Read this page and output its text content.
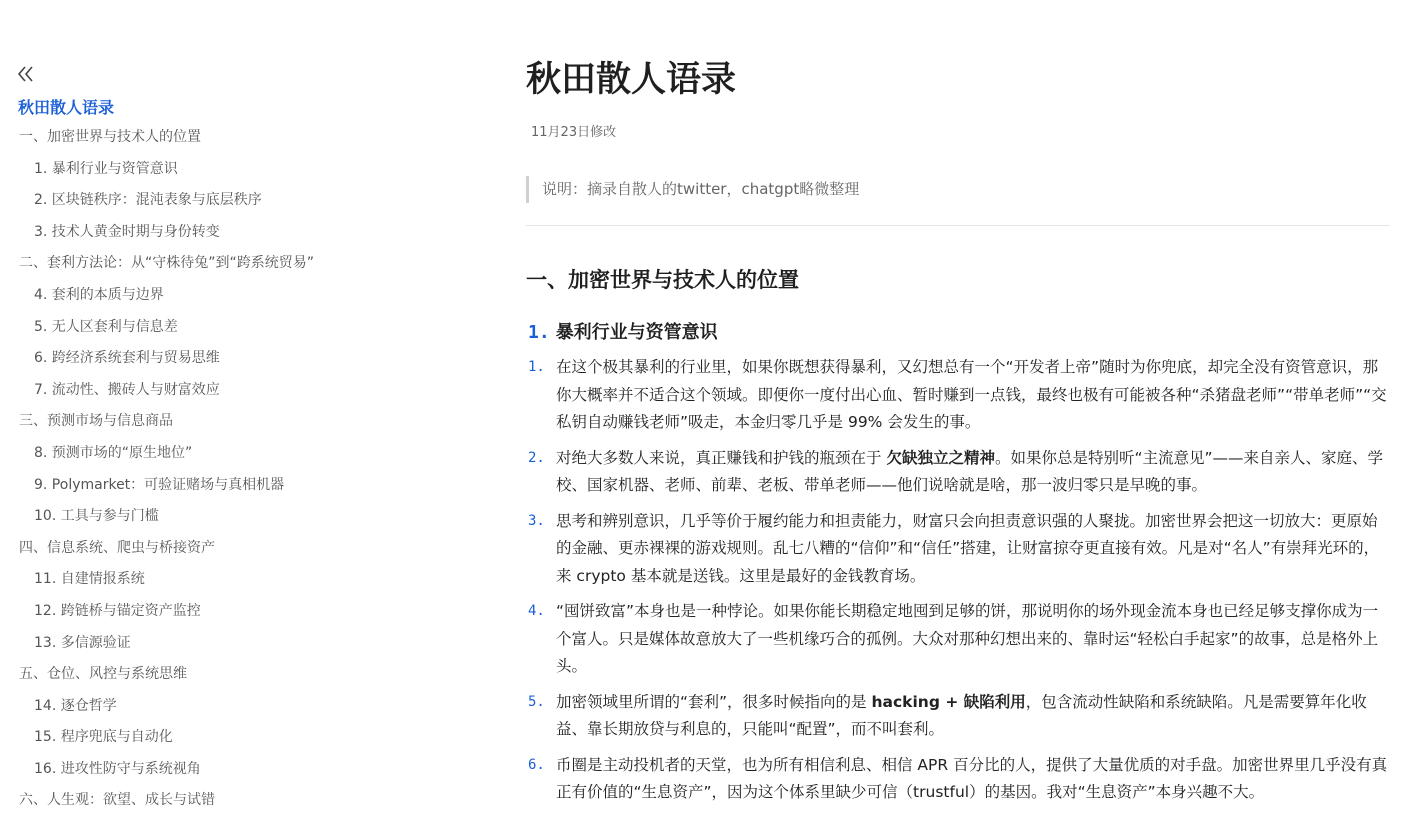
秋田散人语录
一、加密世界与技术人的位置
1. 暴利行业与资管意识
2. 区块链秩序：混沌表象与底层秩序
3. 技术人黄金时期与身份转变
二、套利方法论：从“守株待兔”到“跨系统贸易”
4. 套利的本质与边界
5. 无人区套利与信息差
6. 跨经济系统套利与贸易思维
7. 流动性、搬砖人与财富效应
三、预测市场与信息商品
8. 预测市场的“原生地位”
9. Polymarket：可验证赌场与真相机器
10. 工具与参与门槛
四、信息系统、爬虫与桥接资产
11. 自建情报系统
12. 跨链桥与锚定资产监控
13. 多信源验证
五、仓位、风控与系统思维
14. 逐仓哲学
15. 程序兜底与自动化
16. 进攻性防守与系统视角
六、人生观：欲望、成长与试错
秋田散人语录
11月23日修改
说明：摘录自散人的twitter，chatgpt略微整理
一、加密世界与技术人的位置
1. 暴利行业与资管意识
1. 在这个极其暴利的行业里，如果你既想获得暴利，又幻想总有一个“开发者上帝”随时为你兜底，却完全没有资管意识，那你大概率并不适合这个领域。即便你一度付出心血、暂时赚到一点钱，最终也极有可能被各种“杀猪盘老师”“带单老师”“交私钥自动赚钱老师”吸走，本金归零几乎是 99% 会发生的事。
2. 对绝大多数人来说，真正赚钱和护钱的瓶颈在于 欠缺独立之精神。如果你总是特别听“主流意见”——来自亲人、家庭、学校、国家机器、老师、前辈、老板、带单老师——他们说啥就是啥，那一波归零只是早晚的事。
3. 思考和辨别意识，几乎等价于履约能力和担责能力，财富只会向担责意识强的人聚拢。加密世界会把这一切放大：更原始的金融、更赤裸裸的游戏规则。乱七八糟的“信仰”和“信任”搭建，让财富掠夺更直接有效。凡是对“名人”有崇拜光环的，来 crypto 基本就是送钱。这里是最好的金钱教育场。
4. “囤饼致富”本身也是一种悖论。如果你能长期稳定地囤到足够的饼，那说明你的场外现金流本身也已经足够支撑你成为一个富人。只是媒体故意放大了一些机缘巧合的孤例。大众对那种幻想出来的、靠时运“轻松白手起家”的故事，总是格外上头。
5. 加密领域里所谓的“套利”，很多时候指向的是 hacking + 缺陷利用，包含流动性缺陷和系统缺陷。凡是需要算年化收益、靠长期放贷与利息的，只能叫“配置”，而不叫套利。
6. 币圈是主动投机者的天堂，也为所有相信利息、相信 APR 百分比的人，提供了大量优质的对手盘。加密世界里几乎没有真正有价值的“生息资产”，因为这个体系里缺少可信（trustful）的基因。我对“生息资产”本身兴趣不大。
